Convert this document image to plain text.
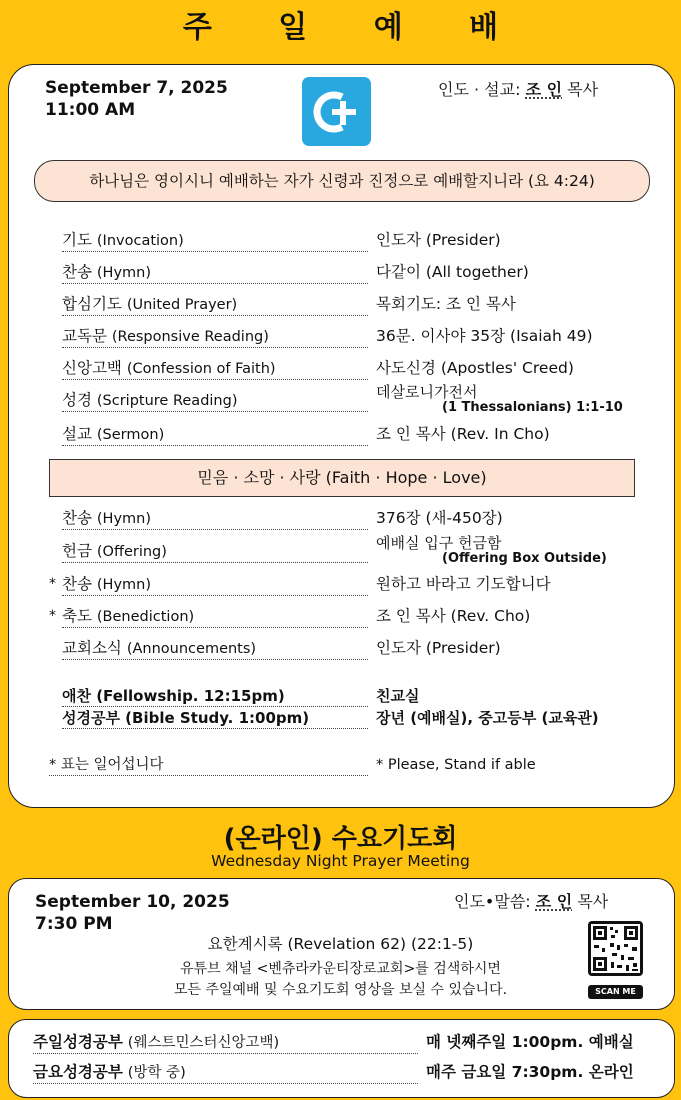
주 일 예 배
September 7, 2025
11:00 AM
인도 · 설교: 조 인 목사
하나님은 영이시니 예배하는 자가 신령과 진정으로 예배할지니라 (요 4:24)
기도 (Invocation)	인도자 (Presider)
찬송 (Hymn)	다같이 (All together)
합심기도 (United Prayer)	목회기도: 조 인 목사
교독문 (Responsive Reading)	36문. 이사야 35장 (Isaiah 49)
신앙고백 (Confession of Faith)	사도신경 (Apostles' Creed)
성경 (Scripture Reading)	데살로니가전서
(1 Thessalonians) 1:1-10
설교 (Sermon)	조 인 목사 (Rev. In Cho)
믿음 · 소망 · 사랑 (Faith · Hope · Love)
찬송 (Hymn)	376장 (새-450장)
헌금 (Offering)	예배실 입구 헌금함
(Offering Box Outside)
* 찬송 (Hymn)	원하고 바라고 기도합니다
* 축도 (Benediction)	조 인 목사 (Rev. Cho)
교회소식 (Announcements)	인도자 (Presider)
애찬 (Fellowship. 12:15pm)	친교실
성경공부 (Bible Study. 1:00pm)	장년 (예배실), 중고등부 (교육관)
* 표는 일어섭니다	* Please, Stand if able
(온라인) 수요기도회
Wednesday Night Prayer Meeting
September 10, 2025
7:30 PM
인도•말씀: 조 인 목사
요한계시록 (Revelation 62) (22:1-5)
유튜브 채널 <벤츄라카운티장로교회>를 검색하시면
모든 주일예배 및 수요기도회 영상을 보실 수 있습니다.	SCAN ME
주일성경공부 (웨스트민스터신앙고백)	매 넷째주일 1:00pm. 예배실
금요성경공부 (방학 중)	매주 금요일 7:30pm. 온라인
